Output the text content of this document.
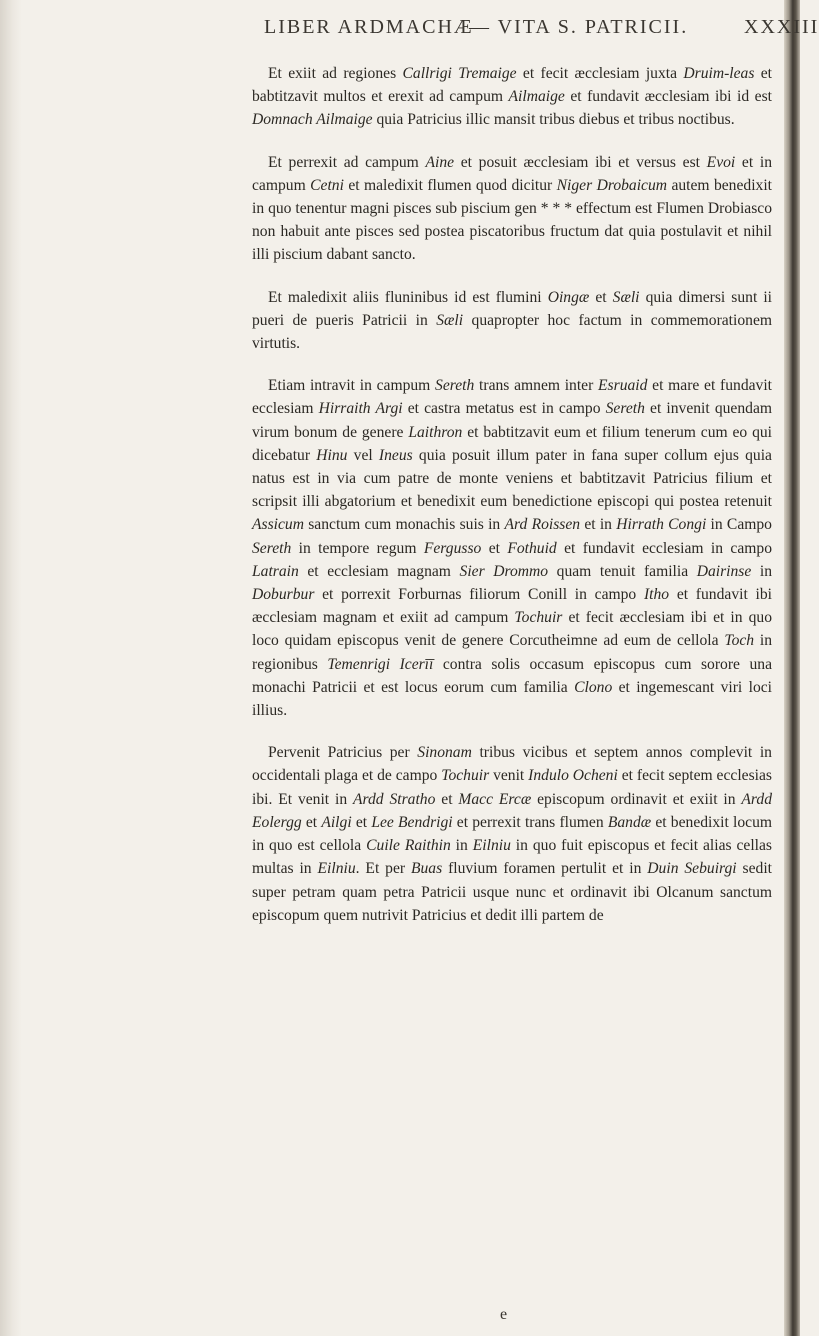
LIBER ARDMACHÆ
— VITA S. PATRICII.	XXXIII

Et exiit ad regiones Callrigi Tremaige et fecit æcclesiam juxta Druim-leas et babtitzavit multos et erexit ad campum Ailmaige et fundavit æcclesiam ibi id est Domnach Ailmaige quia Patricius illic mansit tribus diebus et tribus noctibus.

Et perrexit ad campum Aine et posuit æcclesiam ibi et versus est Evoi et in campum Cetni et maledixit flumen quod dicitur Niger Drobaicum autem benedixit in quo tenentur magni pisces sub piscium gen * * * effectum est Flumen Drobiasco non habuit ante pisces sed postea piscatoribus fructum dat quia postulavit et nihil illi piscium dabant sancto.

Et maledixit aliis fluninibus id est flumini Oingæ et Sæli quia dimersi sunt ii pueri de pueris Patricii in Sæli quapropter hoc factum in commemorationem virtutis.

Etiam intravit in campum Sereth trans amnem inter Esruaid et mare et fundavit ecclesiam Hirraith Argi et castra metatus est in campo Sereth et invenit quendam virum bonum de genere Laithron et babtitzavit eum et filium tenerum cum eo qui dicebatur Hinu vel Ineus quia posuit illum pater in fana super collum ejus quia natus est in via cum patre de monte veniens et babtitzavit Patricius filium et scripsit illi abgatorium et benedixit eum benedictione episcopi qui postea retenuit Assicum sanctum cum monachis suis in Ard Roissen et in Hirrath Congi in Campo Sereth in tempore regum Fergusso et Fothuid et fundavit ecclesiam in campo Latrain et ecclesiam magnam Sier Drommo quam tenuit familia Dairinse in Doburbur et porrexit Forburnas filiorum Conill in campo Itho et fundavit ibi æcclesiam magnam et exiit ad campum Tochuir et fecit æcclesiam ibi et in quo loco quidam episcopus venit de genere Corcutheimne ad eum de cellola Toch in regionibus Temenrigi Icerīī contra solis occasum episcopus cum sorore una monachi Patricii et est locus eorum cum familia Clono et ingemescant viri loci illius.

Pervenit Patricius per Sinonam tribus vicibus et septem annos complevit in occidentali plaga et de campo Tochuir venit Indulo Ocheni et fecit septem ecclesias ibi. Et venit in Ardd Stratho et Macc Ercæ episcopum ordinavit et exiit in Ardd Eolergg et Ailgi et Lee Bendrigi et perrexit trans flumen Bandæ et benedixit locum in quo est cellola Cuile Raithin in Eilniu in quo fuit episcopus et fecit alias cellas multas in Eilniu. Et per Buas fluvium foramen pertulit et in Duin Sebuirgi sedit super petram quam petra Patricii usque nunc et ordinavit ibi Olcanum sanctum episcopum quem nutrivit Patricius et dedit illi partem de

e
